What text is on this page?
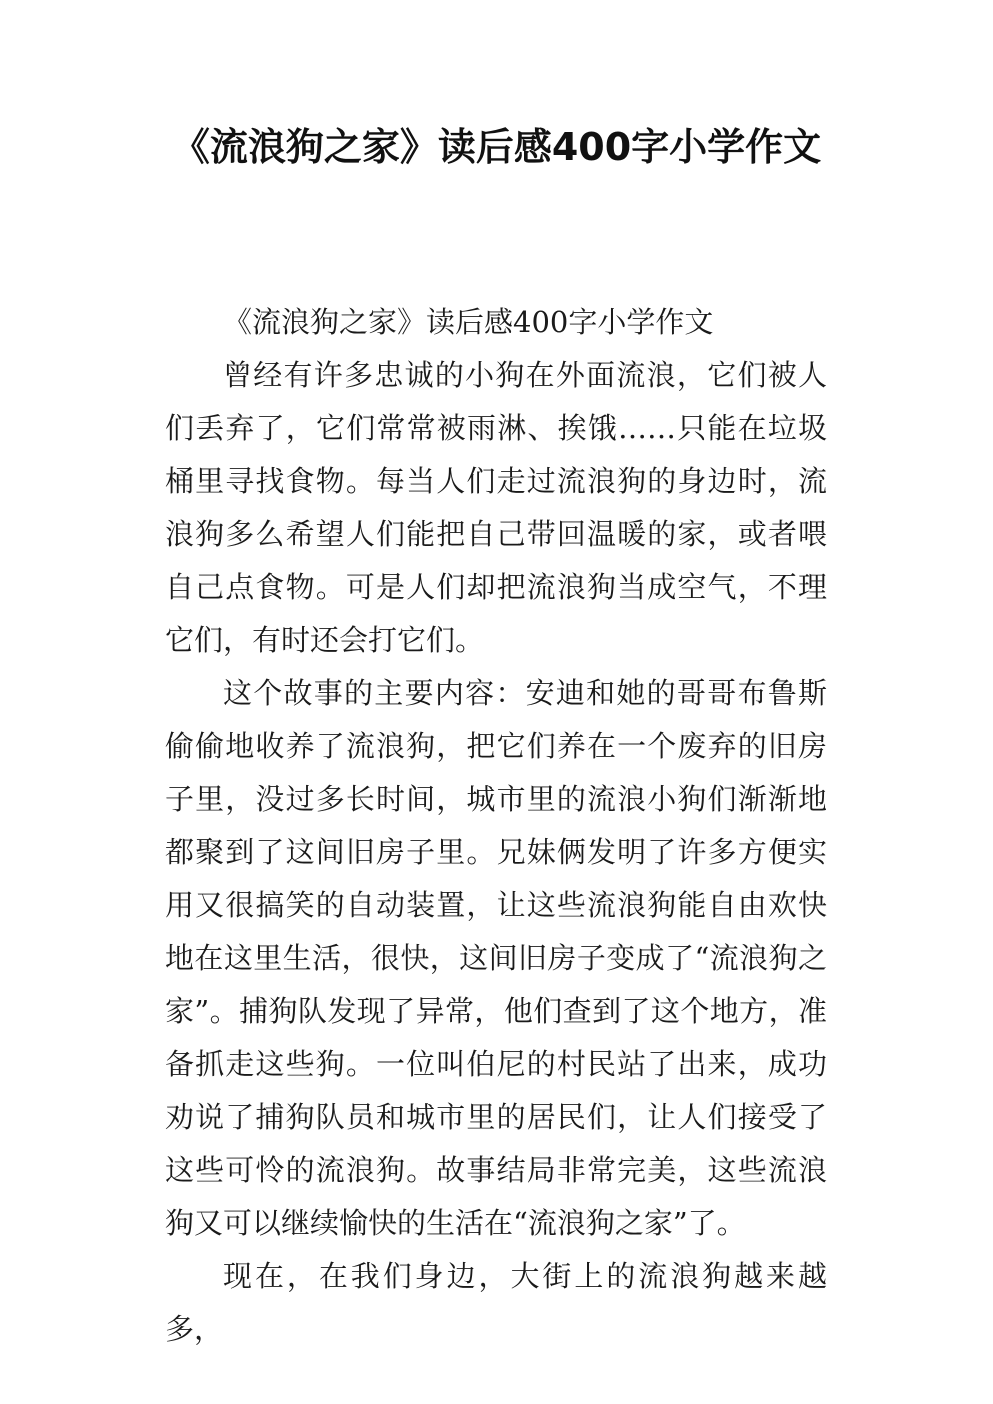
《流浪狗之家》读后感400字小学作文

《流浪狗之家》读后感400字小学作文

曾经有许多忠诚的小狗在外面流浪，它们被人们丢弃了，它们常常被雨淋、挨饿……只能在垃圾桶里寻找食物。每当人们走过流浪狗的身边时，流浪狗多么希望人们能把自己带回温暖的家，或者喂自己点食物。可是人们却把流浪狗当成空气，不理它们，有时还会打它们。

这个故事的主要内容：安迪和她的哥哥布鲁斯偷偷地收养了流浪狗，把它们养在一个废弃的旧房子里，没过多长时间，城市里的流浪小狗们渐渐地都聚到了这间旧房子里。兄妹俩发明了许多方便实用又很搞笑的自动装置，让这些流浪狗能自由欢快地在这里生活，很快，这间旧房子变成了“流浪狗之家”。捕狗队发现了异常，他们查到了这个地方，准备抓走这些狗。一位叫伯尼的村民站了出来，成功劝说了捕狗队员和城市里的居民们，让人们接受了这些可怜的流浪狗。故事结局非常完美，这些流浪狗又可以继续愉快的生活在“流浪狗之家”了。

现在，在我们身边，大街上的流浪狗越来越多，
